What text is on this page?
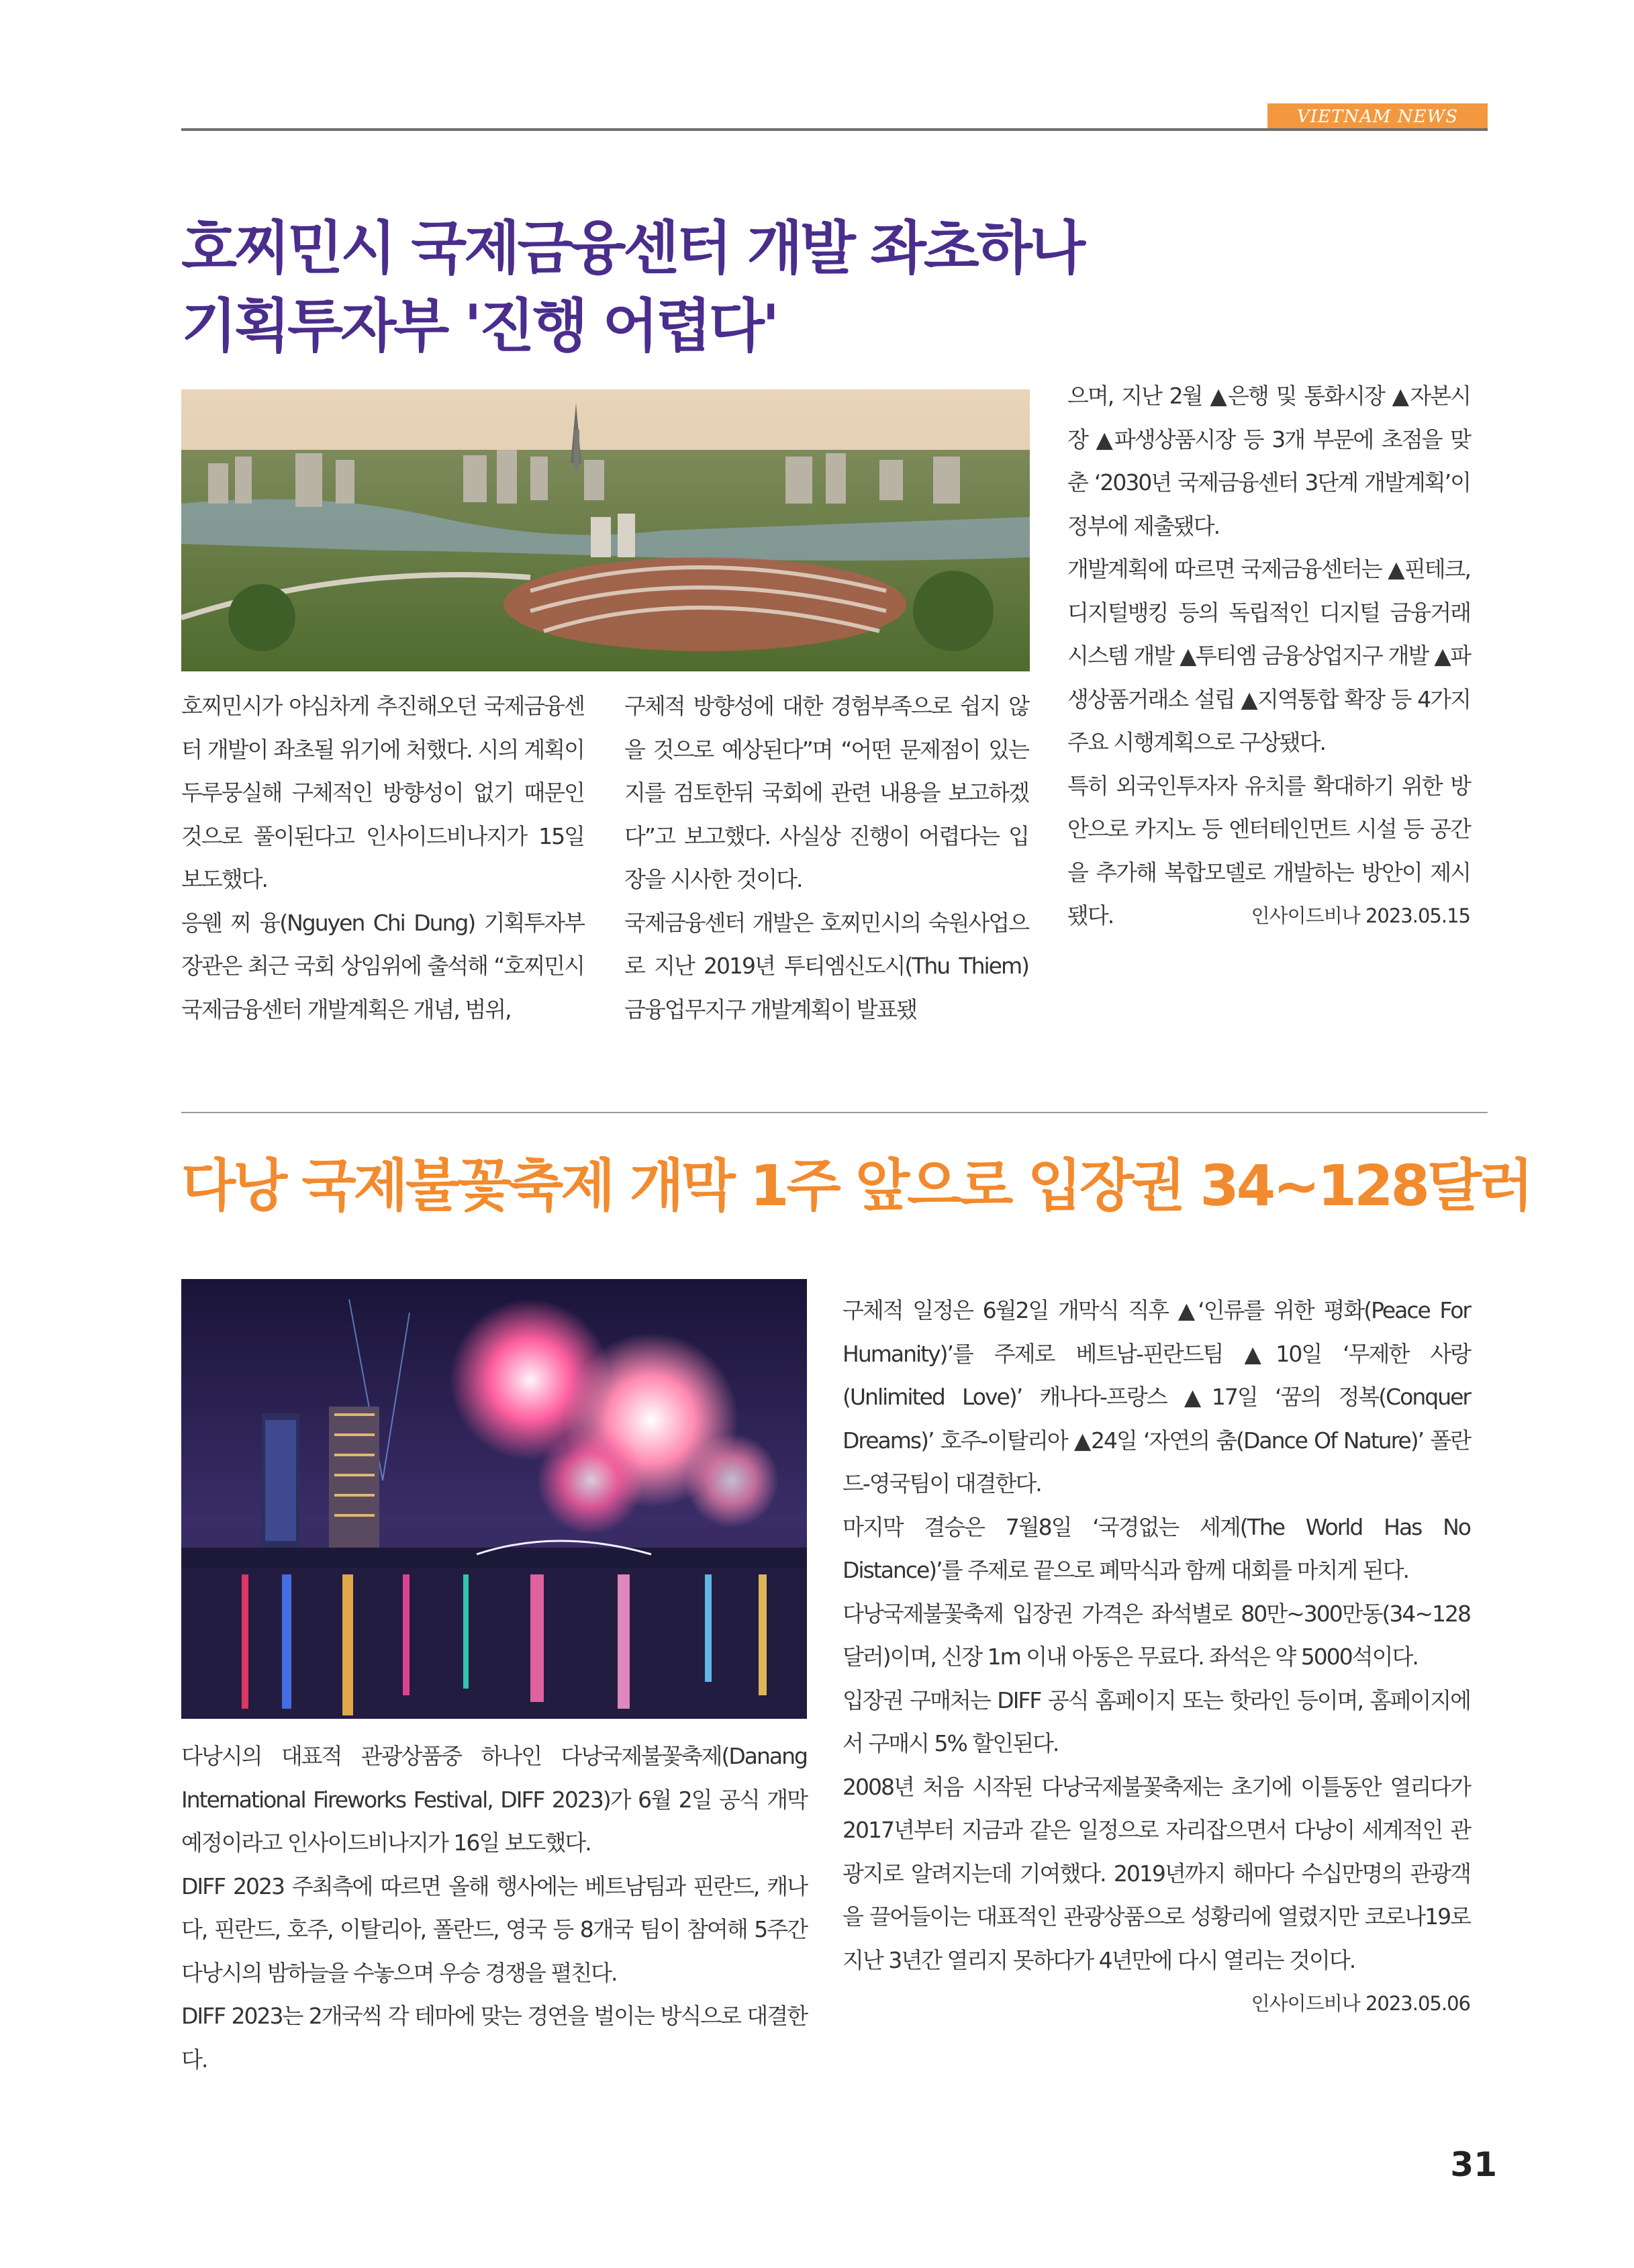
VIETNAM NEWS
호찌민시 국제금융센터 개발 좌초하나
기획투자부 '진행 어렵다'

호찌민시가 야심차게 추진해오던 국제금융센터 개발이 좌초될 위기에 처했다. 시의 계획이 두루뭉실해 구체적인 방향성이 없기 때문인 것으로 풀이된다고 인사이드비나지가 15일 보도했다.

응웬 찌 융(Nguyen Chi Dung) 기획투자부 장관은 최근 국회 상임위에 출석해 “호찌민시 국제금융센터 개발계획은 개념, 범위,

구체적 방향성에 대한 경험부족으로 쉽지 않을 것으로 예상된다”며 “어떤 문제점이 있는지를 검토한뒤 국회에 관련 내용을 보고하겠다”고 보고했다. 사실상 진행이 어렵다는 입장을 시사한 것이다.

국제금융센터 개발은 호찌민시의 숙원사업으로 지난 2019년 투티엠신도시(Thu Thiem) 금융업무지구 개발계획이 발표됐

으며, 지난 2월 ▲은행 및 통화시장 ▲자본시장 ▲파생상품시장 등 3개 부문에 초점을 맞춘 ‘2030년 국제금융센터 3단계 개발계획’이 정부에 제출됐다.

개발계획에 따르면 국제금융센터는 ▲핀테크, 디지털뱅킹 등의 독립적인 디지털 금융거래시스템 개발 ▲투티엠 금융상업지구 개발 ▲파생상품거래소 설립 ▲지역통합 확장 등 4가지 주요 시행계획으로 구상됐다.

특히 외국인투자자 유치를 확대하기 위한 방안으로 카지노 등 엔터테인먼트 시설 등 공간을 추가해 복합모델로 개발하는 방안이 제시됐다.	인사이드비나 2023.05.15

다낭 국제불꽃축제 개막 1주 앞으로 입장권 34~128달러

다낭시의 대표적 관광상품중 하나인 다낭국제불꽃축제(Danang International Fireworks Festival, DIFF 2023)가 6월 2일 공식 개막예정이라고 인사이드비나지가 16일 보도했다.

DIFF 2023 주최측에 따르면 올해 행사에는 베트남팀과 핀란드, 캐나다, 핀란드, 호주, 이탈리아, 폴란드, 영국 등 8개국 팀이 참여해 5주간 다낭시의 밤하늘을 수놓으며 우승 경쟁을 펼친다.

DIFF 2023는 2개국씩 각 테마에 맞는 경연을 벌이는 방식으로 대결한다.

구체적 일정은 6월2일 개막식 직후 ▲‘인류를 위한 평화(Peace For Humanity)’를 주제로 베트남-핀란드팀 ▲10일 ‘무제한 사랑(Unlimited Love)’ 캐나다-프랑스 ▲17일 ‘꿈의 정복(Conquer Dreams)’ 호주-이탈리아 ▲24일 ‘자연의 춤(Dance Of Nature)’ 폴란드-영국팀이 대결한다.

마지막 결승은 7월8일 ‘국경없는 세계(The World Has No Distance)’를 주제로 끝으로 폐막식과 함께 대회를 마치게 된다.

다낭국제불꽃축제 입장권 가격은 좌석별로 80만~300만동(34~128달러)이며, 신장 1m 이내 아동은 무료다. 좌석은 약 5000석이다.

입장권 구매처는 DIFF 공식 홈페이지 또는 핫라인 등이며, 홈페이지에서 구매시 5% 할인된다.

2008년 처음 시작된 다낭국제불꽃축제는 초기에 이틀동안 열리다가 2017년부터 지금과 같은 일정으로 자리잡으면서 다낭이 세계적인 관광지로 알려지는데 기여했다. 2019년까지 해마다 수십만명의 관광객을 끌어들이는 대표적인 관광상품으로 성황리에 열렸지만 코로나19로 지난 3년간 열리지 못하다가 4년만에 다시 열리는 것이다.

인사이드비나 2023.05.06

31
